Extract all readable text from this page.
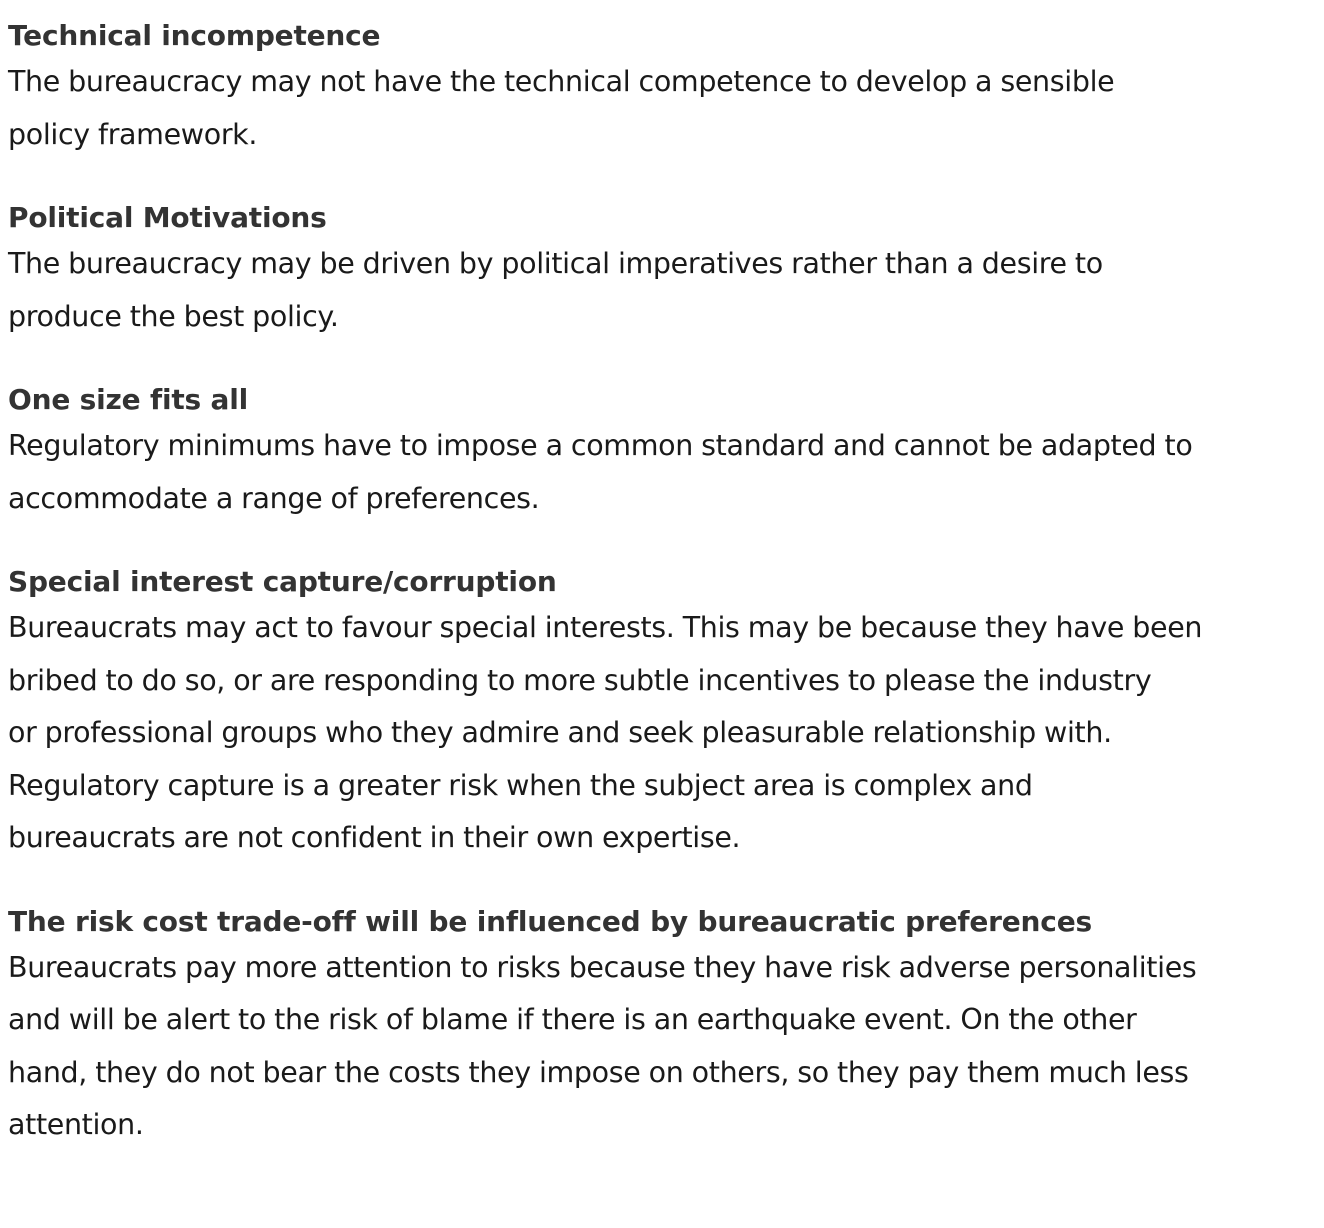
Technical incompetence
The bureaucracy may not have the technical competence to develop a sensible
policy framework.
Political Motivations
The bureaucracy may be driven by political imperatives rather than a desire to
produce the best policy.
One size fits all
Regulatory minimums have to impose a common standard and cannot be adapted to
accommodate a range of preferences.
Special interest capture/corruption
Bureaucrats may act to favour special interests. This may be because they have been
bribed to do so, or are responding to more subtle incentives to please the industry
or professional groups who they admire and seek pleasurable relationship with.
Regulatory capture is a greater risk when the subject area is complex and
bureaucrats are not confident in their own expertise.
The risk cost trade-off will be influenced by bureaucratic preferences
Bureaucrats pay more attention to risks because they have risk adverse personalities
and will be alert to the risk of blame if there is an earthquake event. On the other
hand, they do not bear the costs they impose on others, so they pay them much less
attention.
